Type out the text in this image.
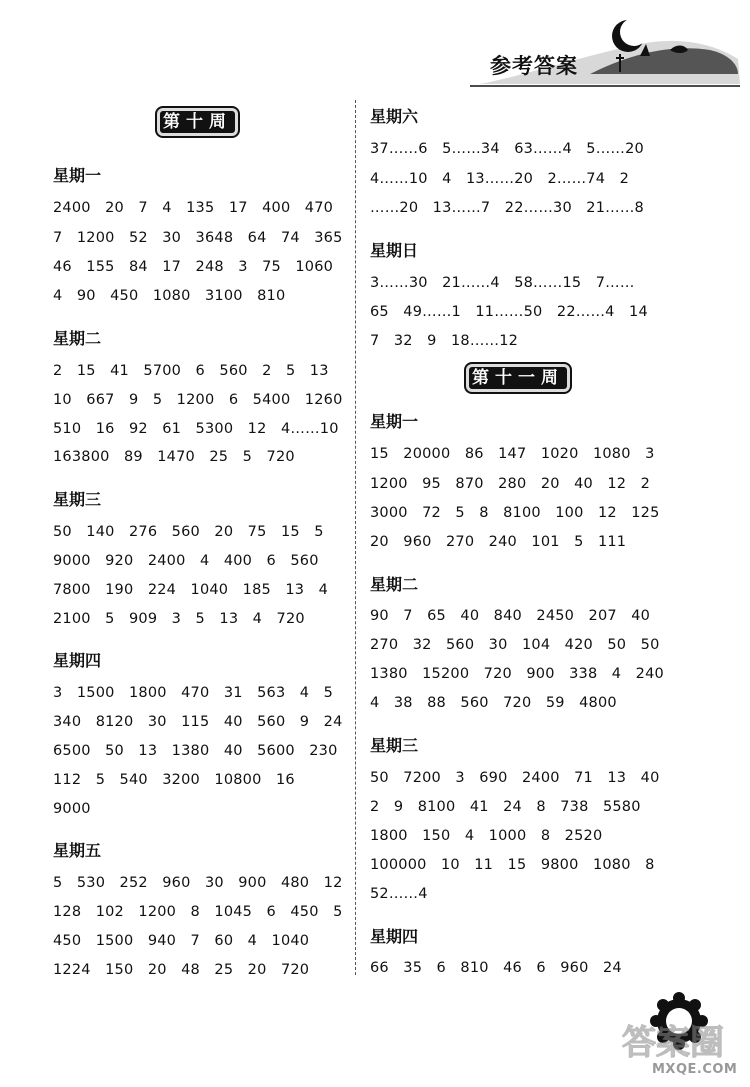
参考答案
第十周
星期一
2400   20   7   4   135   17   400   470
7   1200   52   30   3648   64   74   365
46   155   84   17   248   3   75   1060
4   90   450   1080   3100   810
星期二
2   15   41   5700   6   560   2   5   13
10   667   9   5   1200   6   5400   1260
510   16   92   61   5300   12   4……10
163800   89   1470   25   5   720
星期三
50   140   276   560   20   75   15   5
9000   920   2400   4   400   6   560
7800   190   224   1040   185   13   4
2100   5   909   3   5   13   4   720
星期四
3   1500   1800   470   31   563   4   5
340   8120   30   115   40   560   9   24
6500   50   13   1380   40   5600   230
112   5   540   3200   10800   16
9000
星期五
5   530   252   960   30   900   480   12
128   102   1200   8   1045   6   450   5
450   1500   940   7   60   4   1040
1224   150   20   48   25   20   720
星期六
37……6   5……34   63……4   5……20
4……10   4   13……20   2……74   2
……20   13……7   22……30   21……8
星期日
3……30   21……4   58……15   7……
65   49……1   11……50   22……4   14
7   32   9   18……12
第十一周
星期一
15   20000   86   147   1020   1080   3
1200   95   870   280   20   40   12   2
3000   72   5   8   8100   100   12   125
20   960   270   240   101   5   111
星期二
90   7   65   40   840   2450   207   40
270   32   560   30   104   420   50   50
1380   15200   720   900   338   4   240
4   38   88   560   720   59   4800
星期三
50   7200   3   690   2400   71   13   40
2   9   8100   41   24   8   738   5580
1800   150   4   1000   8   2520
100000   10   11   15   9800   1080   8
52……4
星期四
66   35   6   810   46   6   960   24
答案圈
MXQE.COM
